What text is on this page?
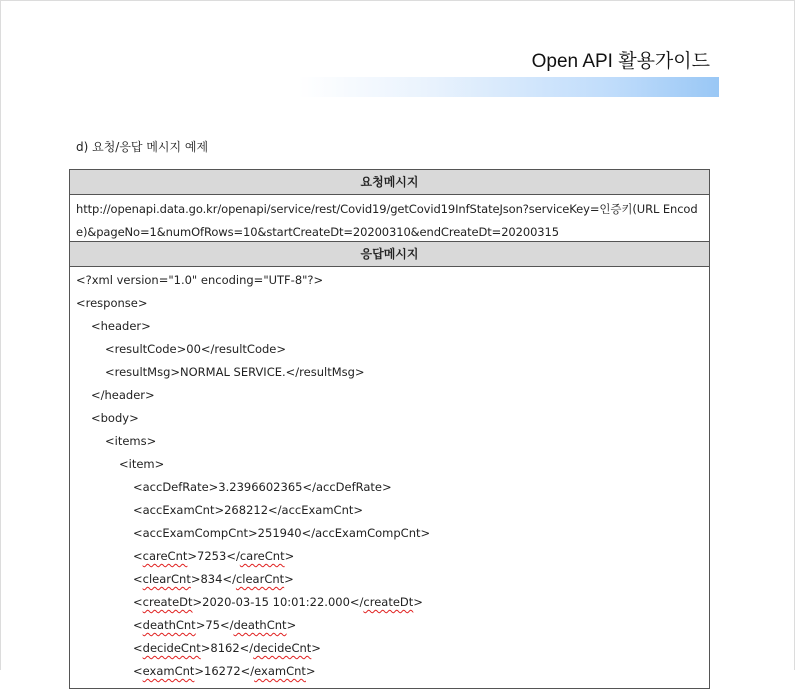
Open API 활용가이드
d) 요청/응답 메시지 예제
요청메시지
http://openapi.data.go.kr/openapi/service/rest/Covid19/getCovid19InfStateJson?serviceKey=인증키(URL Encode)&pageNo=1&numOfRows=10&startCreateDt=20200310&endCreateDt=20200315
응답메시지
<?xml version="1.0" encoding="UTF-8"?>
<response>
<header>
<resultCode>00</resultCode>
<resultMsg>NORMAL SERVICE.</resultMsg>
</header>
<body>
<items>
<item>
<accDefRate>3.2396602365</accDefRate>
<accExamCnt>268212</accExamCnt>
<accExamCompCnt>251940</accExamCompCnt>
<careCnt>7253</careCnt>
<clearCnt>834</clearCnt>
<createDt>2020-03-15 10:01:22.000</createDt>
<deathCnt>75</deathCnt>
<decideCnt>8162</decideCnt>
<examCnt>16272</examCnt>
